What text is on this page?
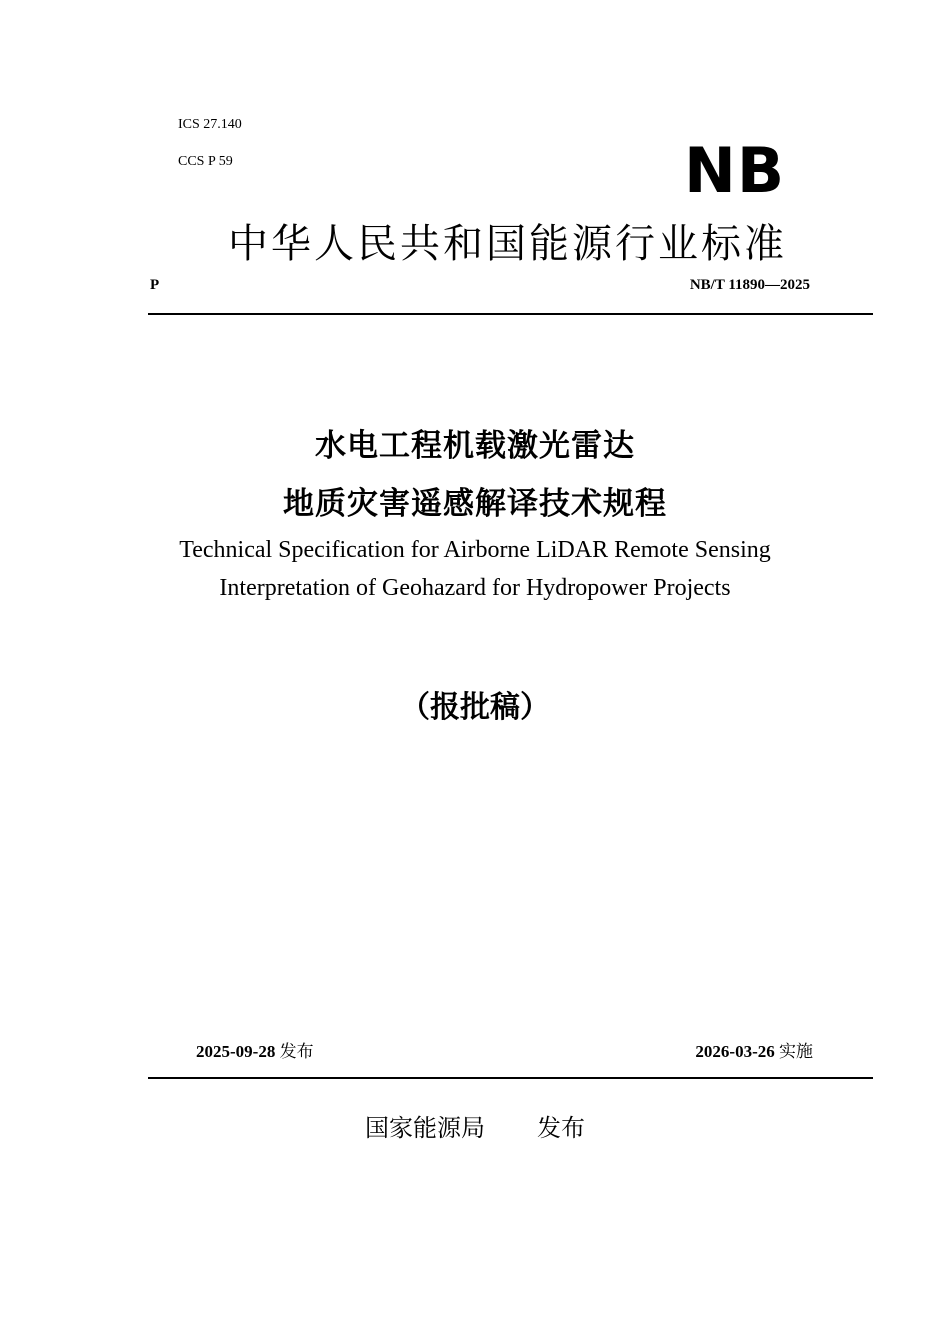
ICS 27.140
CCS P 59	NB
中华人民共和国能源行业标准
P	NB/T 11890—2025
水电工程机载激光雷达
地质灾害遥感解译技术规程
Technical Specification for Airborne LiDAR Remote Sensing
Interpretation of Geohazard for Hydropower Projects
（报批稿）
2025-09-28 发布	2026-03-26 实施
国家能源局 发布
